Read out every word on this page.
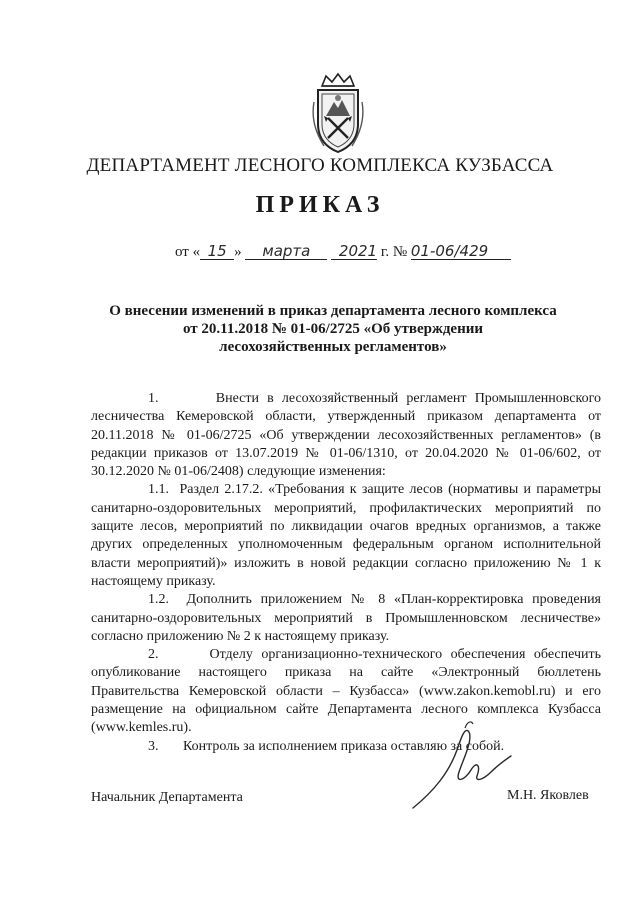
ДЕПАРТАМЕНТ ЛЕСНОГО КОМПЛЕКСА КУЗБАССА
ПРИКАЗ
от « 15 » марта 2021 г. № 01-06/429
О внесении изменений в приказ департамента лесного комплекса
от 20.11.2018 № 01-06/2725 «Об утверждении
лесохозяйственных регламентов»

1.       Внести в лесохозяйственный регламент Промышленновского лесничества Кемеровской области, утвержденный приказом департамента от 20.11.2018 № 01-06/2725 «Об утверждении лесохозяйственных регламентов» (в редакции приказов от 13.07.2019 № 01-06/1310, от 20.04.2020 № 01-06/602, от 30.12.2020 № 01-06/2408) следующие изменения:

1.1.  Раздел 2.17.2. «Требования к защите лесов (нормативы и параметры санитарно-оздоровительных мероприятий, профилактических мероприятий по защите лесов, мероприятий по ликвидации очагов вредных организмов, а также других определенных уполномоченным федеральным органом исполнительной власти мероприятий)» изложить в новой редакции согласно приложению № 1 к настоящему приказу.

1.2.  Дополнить приложением № 8 «План-корректировка проведения санитарно-оздоровительных мероприятий в Промышленновском лесничестве» согласно приложению № 2 к настоящему приказу.

2.      Отделу организационно-технического обеспечения обеспечить опубликование настоящего приказа на сайте «Электронный бюллетень Правительства Кемеровской области – Кузбасса» (www.zakon.kemobl.ru) и его размещение на официальном сайте Департамента лесного комплекса Кузбасса (www.kemles.ru).

3.       Контроль за исполнением приказа оставляю за собой.

Начальник Департамента	М.Н. Яковлев
